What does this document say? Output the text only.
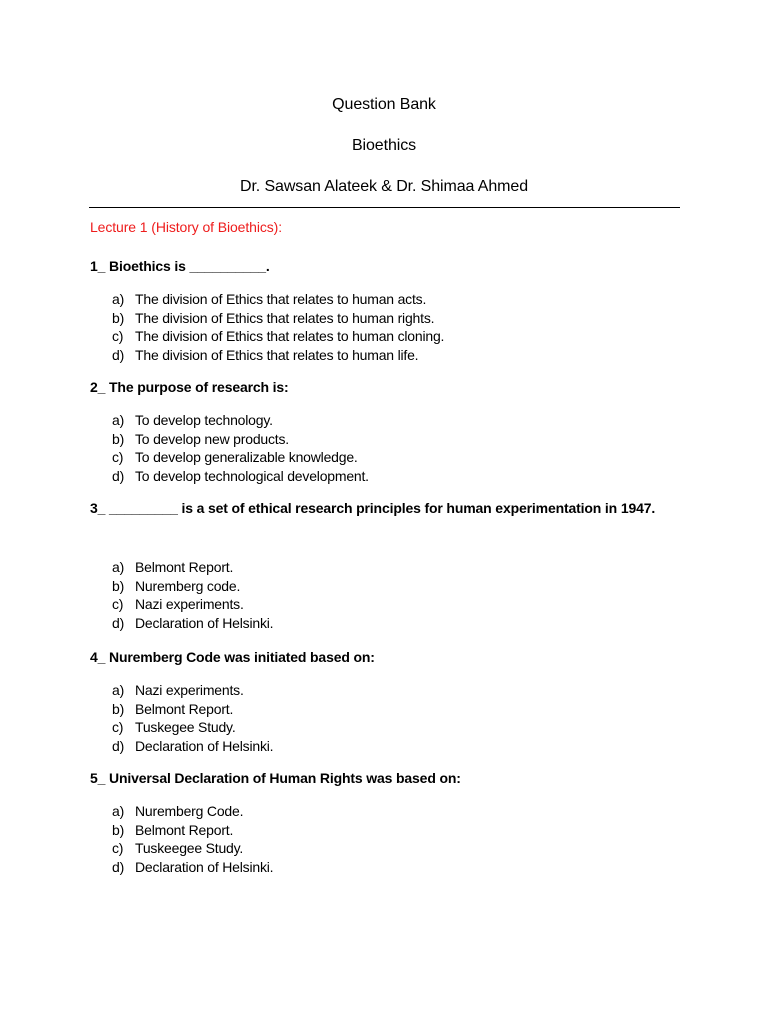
Question Bank
Bioethics
Dr. Sawsan Alateek & Dr. Shimaa Ahmed
Lecture 1 (History of Bioethics):
1_ Bioethics is __________.
a) The division of Ethics that relates to human acts.
b) The division of Ethics that relates to human rights.
c) The division of Ethics that relates to human cloning.
d) The division of Ethics that relates to human life.
2_ The purpose of research is:
a) To develop technology.
b) To develop new products.
c) To develop generalizable knowledge.
d) To develop technological development.
3_ _________ is a set of ethical research principles for human experimentation in 1947.
a) Belmont Report.
b) Nuremberg code.
c) Nazi experiments.
d) Declaration of Helsinki.
4_ Nuremberg Code was initiated based on:
a) Nazi experiments.
b) Belmont Report.
c) Tuskegee Study.
d) Declaration of Helsinki.
5_ Universal Declaration of Human Rights was based on:
a) Nuremberg Code.
b) Belmont Report.
c) Tuskeegee Study.
d) Declaration of Helsinki.
